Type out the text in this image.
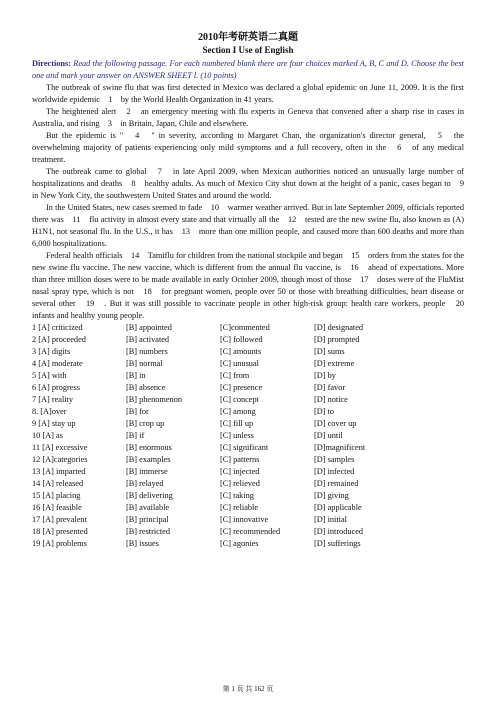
2010年考研英语二真题
Section I Use of English

Directions: Read the following passage. For each numbered blank there are four choices marked A, B, C and D. Choose the best one and mark your answer on ANSWER SHEET l. (10 points)

The outbreak of swine flu that was first detected in Mexico was declared a global epidemic on June 11, 2009. It is the first worldwide epidemic　1　by the World Health Organization in 41 years.

The heightened alert　2　an emergency meeting with flu experts in Geneva that convened after a sharp rise in cases in Australia, and rising　3　in Britain, Japan, Chile and elsewhere.

But the epidemic is "　4　" in severity, according to Margaret Chan, the organization's director general,　5　the overwhelming majority of patients experiencing only mild symptoms and a full recovery, often in the　6　of any medical treatment.

The outbreak came to global　7　in late April 2009, when Mexican authorities noticed an unusually large number of hospitalizations and deaths　8　healthy adults. As much of Mexico City shut down at the height of a panic, cases began to　9　in New York City, the southwestern United States and around the world.

In the United States, new cases seemed to fade　10　warmer weather arrived. But in late September 2009, officials reported there was　11　flu activity in almost every state and that virtually all the　12　tested are the new swine flu, also known as (A) H1N1, not seasonal flu. In the U.S., it has　13　more than one million people, and caused more than 600 deaths and more than 6,000 hospitalizations.

Federal health officials　14　Tamiflu for children from the national stockpile and began　15　orders from the states for the new swine flu vaccine. The new vaccine, which is different from the annual flu vaccine, is　16　ahead of expectations. More than three million doses were to be made available in early October 2009, though most of those　17　doses were of the FluMist nasal spray type, which is not　18　for pregnant women, people over 50 or those with breathing difficulties, heart disease or several other　19　. But it was still possible to vaccinate people in other high-risk group: health care workers, people　20　infants and healthy young people.

1 [A] criticized	[B] appointed	[C]commented	[D] designated
2 [A] proceeded	[B] activated	[C] followed	[D] prompted
3 [A] digits	[B] numbers	[C] amounts	[D] sums
4 [A] moderate	[B] normal	[C] unusual	[D] extreme
5 [A] with	[B] in	[C] from	[D] by
6 [A] progress	[B] absence	[C] presence	[D] favor
7 [A] reality	[B] phenomenon	[C] concept	[D] notice
8. [A]over	[B] for	[C] among	[D] to
9 [A] stay up	[B] crop up	[C] fill up	[D] cover up
10 [A] as	[B] if	[C] unless	[D] until
11 [A] excessive	[B] enormous	[C] significant	[D]magnificent
12 [A]categories	[B] examples	[C] patterns	[D] samples
13 [A] imparted	[B] immerse	[C] injected	[D] infected
14 [A] released	[B] relayed	[C] relieved	[D] remained
15 [A] placing	[B] delivering	[C] taking	[D] giving
16 [A] feasible	[B] available	[C] reliable	[D] applicable
17 [A] prevalent	[B] principal	[C] innovative	[D] initial
18 [A] presented	[B] restricted	[C] recommended	[D] introduced
19 [A] problems	[B] issues	[C] agonies	[D] sufferings
第 1 页 共 162 页
